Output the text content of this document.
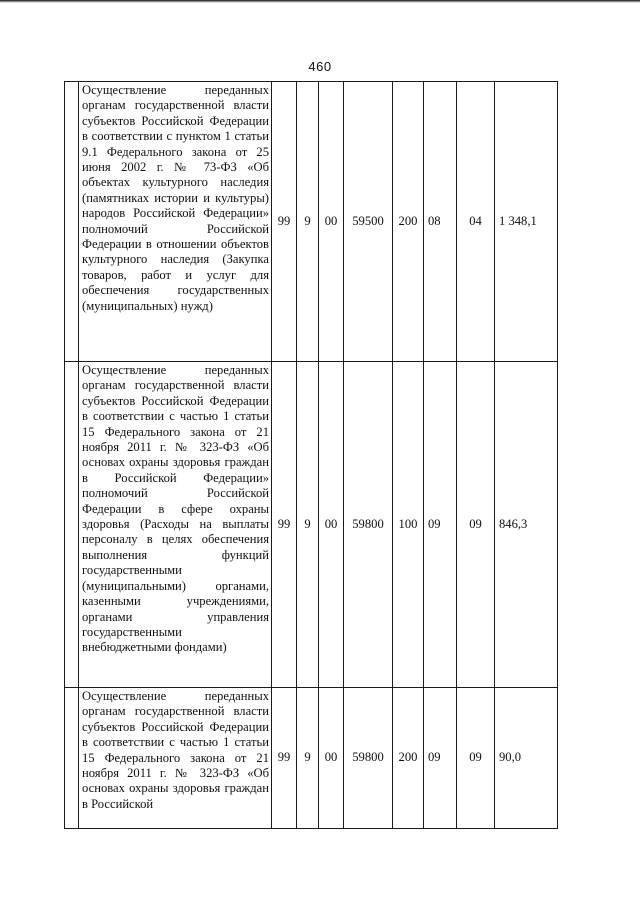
460

	Осуществление переданных органам государственной власти субъектов Российской Федерации в соответствии с пунктом 1 статьи 9.1 Федерального закона от 25 июня 2002 г. № 73-ФЗ «Об объектах культурного наследия (памятниках истории и культуры) народов Российской Федерации» полномочий Российской Федерации в отношении объектов культурного наследия (Закупка товаров, работ и услуг для обеспечения государственных (муниципальных) нужд)	99	9	00	59500	200	08	04	1 348,1

	Осуществление переданных органам государственной власти субъектов Российской Федерации в соответствии с частью 1 статьи 15 Федерального закона от 21 ноября 2011 г. № 323-ФЗ «Об основах охраны здоровья граждан в Российской Федерации» полномочий Российской Федерации в сфере охраны здоровья (Расходы на выплаты персоналу в целях обеспечения выполнения функций государственными (муниципальными) органами, казенными учреждениями, органами управления государственными внебюджетными фондами)	99	9	00	59800	100	09	09	846,3

	Осуществление переданных органам государственной власти субъектов Российской Федерации в соответствии с частью 1 статьи 15 Федерального закона от 21 ноября 2011 г. № 323-ФЗ «Об основах охраны здоровья граждан в Российской	99	9	00	59800	200	09	09	90,0
